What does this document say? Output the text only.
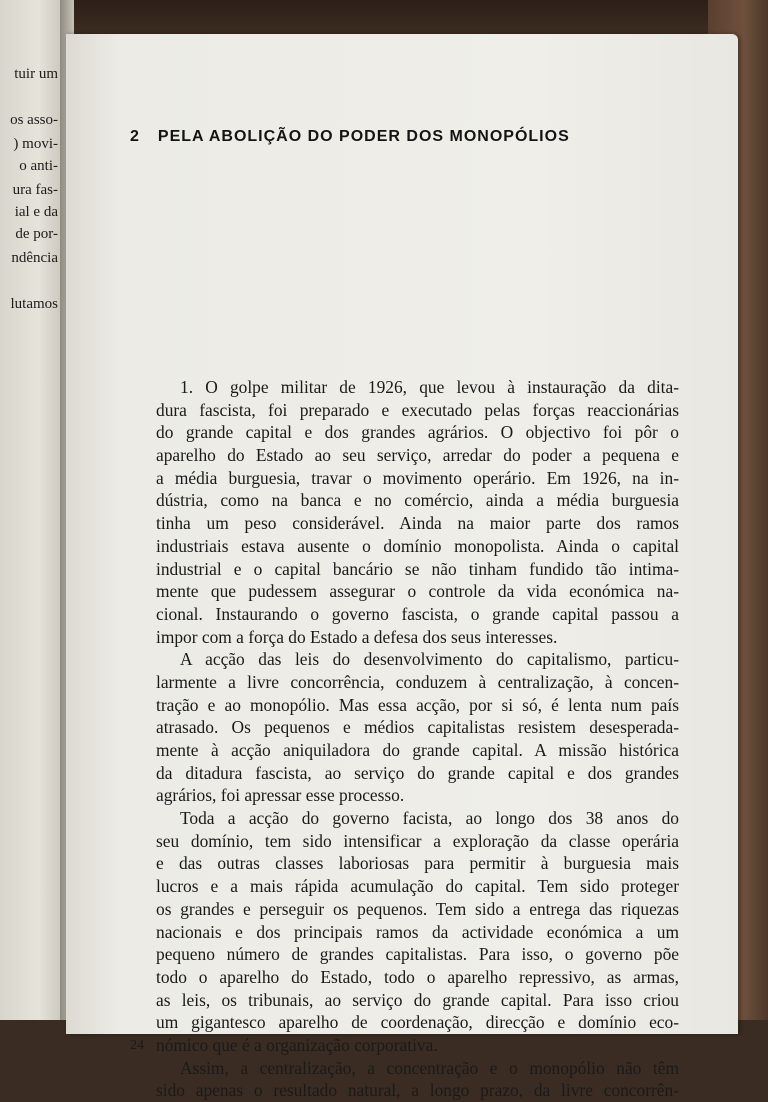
tuir um
os asso-
) movi-
o anti-
ura fas-
ial e da
de por-
ndência
lutamos
2 PELA ABOLIÇÃO DO PODER DOS MONOPÓLIOS
1. O golpe militar de 1926, que levou à instauração da dita-
dura fascista, foi preparado e executado pelas forças reaccionárias
do grande capital e dos grandes agrários. O objectivo foi pôr o
aparelho do Estado ao seu serviço, arredar do poder a pequena e
a média burguesia, travar o movimento operário. Em 1926, na in-
dústria, como na banca e no comércio, ainda a média burguesia
tinha um peso considerável. Ainda na maior parte dos ramos
industriais estava ausente o domínio monopolista. Ainda o capital
industrial e o capital bancário se não tinham fundido tão intima-
mente que pudessem assegurar o controle da vida económica na-
cional. Instaurando o governo fascista, o grande capital passou a
impor com a força do Estado a defesa dos seus interesses.
A acção das leis do desenvolvimento do capitalismo, particu-
larmente a livre concorrência, conduzem à centralização, à concen-
tração e ao monopólio. Mas essa acção, por si só, é lenta num país
atrasado. Os pequenos e médios capitalistas resistem desesperada-
mente à acção aniquiladora do grande capital. A missão histórica
da ditadura fascista, ao serviço do grande capital e dos grandes
agrários, foi apressar esse processo.
Toda a acção do governo facista, ao longo dos 38 anos do
seu domínio, tem sido intensificar a exploração da classe operária
e das outras classes laboriosas para permitir à burguesia mais
lucros e a mais rápida acumulação do capital. Tem sido proteger
os grandes e perseguir os pequenos. Tem sido a entrega das riquezas
nacionais e dos principais ramos da actividade económica a um
pequeno número de grandes capitalistas. Para isso, o governo põe
todo o aparelho do Estado, todo o aparelho repressivo, as armas,
as leis, os tribunais, ao serviço do grande capital. Para isso criou
um gigantesco aparelho de coordenação, direcção e domínio eco-
nómico que é a organização corporativa.
Assim, a centralização, a concentração e o monopólio não têm
sido apenas o resultado natural, a longo prazo, da livre concorrên-
24
